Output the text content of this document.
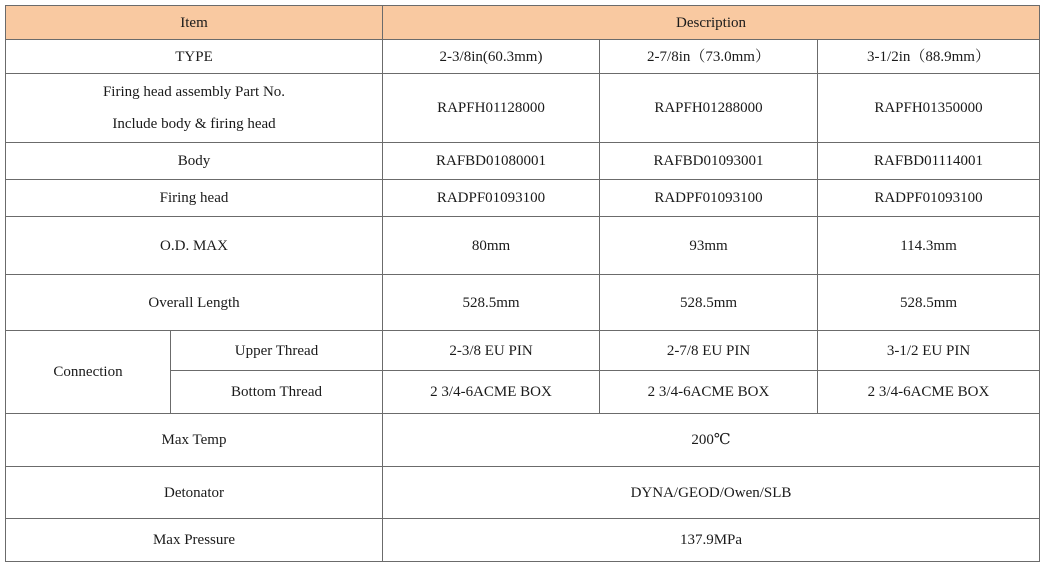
Item		Description		
TYPE		2-3/8in(60.3mm)	2-7/8in（73.0mm）	3-1/2in（88.9mm）

Firing head assembly Part No.
Include body & firing head		RAPFH01128000	RAPFH01288000	RAPFH01350000
Body		RAFBD01080001	RAFBD01093001	RAFBD01114001
Firing head		RADPF01093100	RADPF01093100	RADPF01093100
O.D. MAX		80mm	93mm	114.3mm
Overall Length		528.5mm	528.5mm	528.5mm
Connection	Upper Thread	2-3/8 EU PIN	2-7/8 EU PIN	3-1/2 EU PIN
	Bottom Thread	2 3/4-6ACME BOX	2 3/4-6ACME BOX	2 3/4-6ACME BOX
Max Temp		200℃		
Detonator		DYNA/GEOD/Owen/SLB		
Max Pressure		137.9MPa		
